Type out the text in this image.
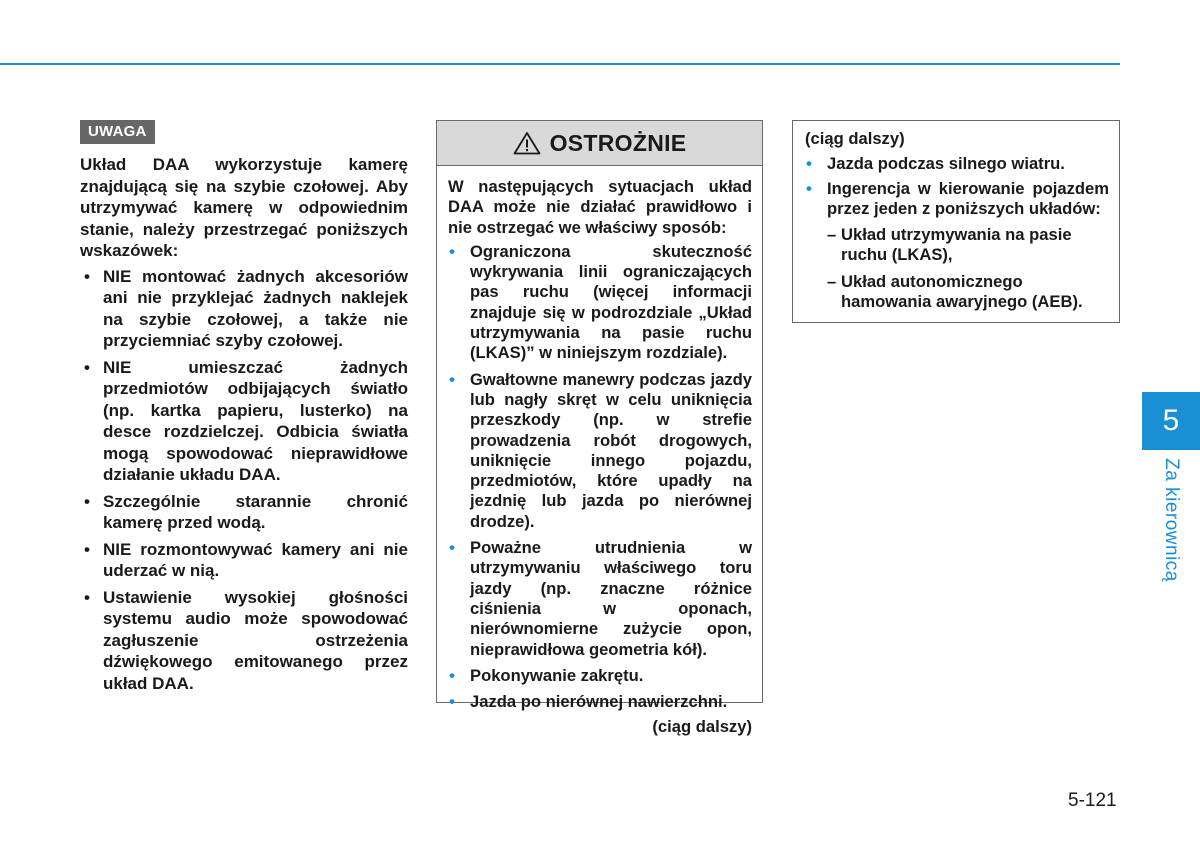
UWAGA

Układ DAA wykorzystuje kamerę znajdującą się na szybie czołowej. Aby utrzymywać kamerę w odpowiednim stanie, należy przestrzegać poniższych wskazówek:

• NIE montować żadnych akcesoriów ani nie przyklejać żadnych naklejek na szybie czołowej, a także nie przyciemniać szyby czołowej.
• NIE umieszczać żadnych przedmiotów odbijających światło (np. kartka papieru, lusterko) na desce rozdzielczej. Odbicia światła mogą spowodować nieprawidłowe działanie układu DAA.
• Szczególnie starannie chronić kamerę przed wodą.
• NIE rozmontowywać kamery ani nie uderzać w nią.
• Ustawienie wysokiej głośności systemu audio może spowodować zagłuszenie ostrzeżenia dźwiękowego emitowanego przez układ DAA.
OSTROŻNIE

W następujących sytuacjach układ DAA może nie działać prawidłowo i nie ostrzegać we właściwy sposób:

• Ograniczona skuteczność wykrywania linii ograniczających pas ruchu (więcej informacji znajduje się w podrozdziale „Układ utrzymywania na pasie ruchu (LKAS)” w niniejszym rozdziale).
• Gwałtowne manewry podczas jazdy lub nagły skręt w celu uniknięcia przeszkody (np. w strefie prowadzenia robót drogowych, uniknięcie innego pojazdu, przedmiotów, które upadły na jezdnię lub jazda po nierównej drodze).
• Poważne utrudnienia w utrzymywaniu właściwego toru jazdy (np. znaczne różnice ciśnienia w oponach, nierównomierne zużycie opon, nieprawidłowa geometria kół).
• Pokonywanie zakrętu.
• Jazda po nierównej nawierzchni.
(ciąg dalszy)
(ciąg dalszy)
• Jazda podczas silnego wiatru.
• Ingerencja w kierowanie pojazdem przez jeden z poniższych układów:
– Układ utrzymywania na pasie ruchu (LKAS),
– Układ autonomicznego hamowania awaryjnego (AEB).
5
Za kierownicą
5-121
